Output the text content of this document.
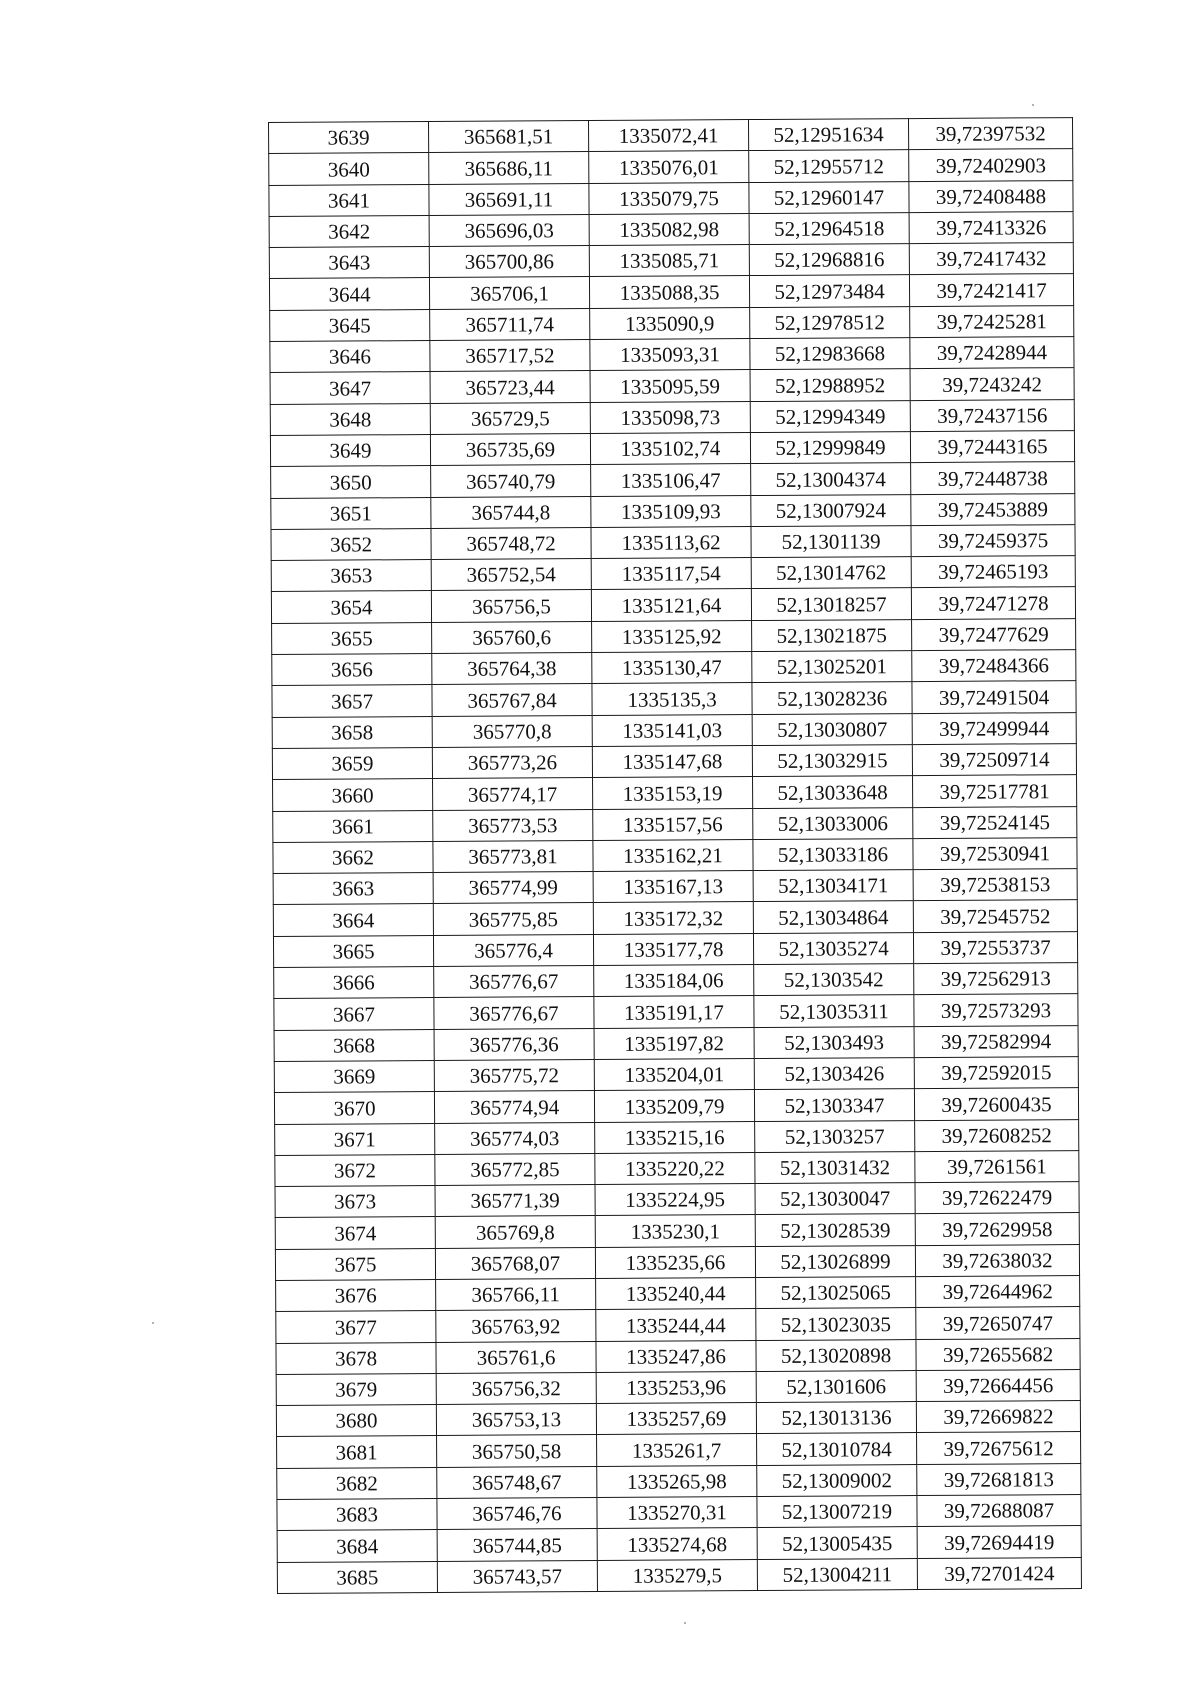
3639	365681,51	1335072,41	52,12951634	39,72397532
3640	365686,11	1335076,01	52,12955712	39,72402903
3641	365691,11	1335079,75	52,12960147	39,72408488
3642	365696,03	1335082,98	52,12964518	39,72413326
3643	365700,86	1335085,71	52,12968816	39,72417432
3644	365706,1	1335088,35	52,12973484	39,72421417
3645	365711,74	1335090,9	52,12978512	39,72425281
3646	365717,52	1335093,31	52,12983668	39,72428944
3647	365723,44	1335095,59	52,12988952	39,7243242
3648	365729,5	1335098,73	52,12994349	39,72437156
3649	365735,69	1335102,74	52,12999849	39,72443165
3650	365740,79	1335106,47	52,13004374	39,72448738
3651	365744,8	1335109,93	52,13007924	39,72453889
3652	365748,72	1335113,62	52,1301139	39,72459375
3653	365752,54	1335117,54	52,13014762	39,72465193
3654	365756,5	1335121,64	52,13018257	39,72471278
3655	365760,6	1335125,92	52,13021875	39,72477629
3656	365764,38	1335130,47	52,13025201	39,72484366
3657	365767,84	1335135,3	52,13028236	39,72491504
3658	365770,8	1335141,03	52,13030807	39,72499944
3659	365773,26	1335147,68	52,13032915	39,72509714
3660	365774,17	1335153,19	52,13033648	39,72517781
3661	365773,53	1335157,56	52,13033006	39,72524145
3662	365773,81	1335162,21	52,13033186	39,72530941
3663	365774,99	1335167,13	52,13034171	39,72538153
3664	365775,85	1335172,32	52,13034864	39,72545752
3665	365776,4	1335177,78	52,13035274	39,72553737
3666	365776,67	1335184,06	52,1303542	39,72562913
3667	365776,67	1335191,17	52,13035311	39,72573293
3668	365776,36	1335197,82	52,1303493	39,72582994
3669	365775,72	1335204,01	52,1303426	39,72592015
3670	365774,94	1335209,79	52,1303347	39,72600435
3671	365774,03	1335215,16	52,1303257	39,72608252
3672	365772,85	1335220,22	52,13031432	39,7261561
3673	365771,39	1335224,95	52,13030047	39,72622479
3674	365769,8	1335230,1	52,13028539	39,72629958
3675	365768,07	1335235,66	52,13026899	39,72638032
3676	365766,11	1335240,44	52,13025065	39,72644962
3677	365763,92	1335244,44	52,13023035	39,72650747
3678	365761,6	1335247,86	52,13020898	39,72655682
3679	365756,32	1335253,96	52,1301606	39,72664456
3680	365753,13	1335257,69	52,13013136	39,72669822
3681	365750,58	1335261,7	52,13010784	39,72675612
3682	365748,67	1335265,98	52,13009002	39,72681813
3683	365746,76	1335270,31	52,13007219	39,72688087
3684	365744,85	1335274,68	52,13005435	39,72694419
3685	365743,57	1335279,5	52,13004211	39,72701424
